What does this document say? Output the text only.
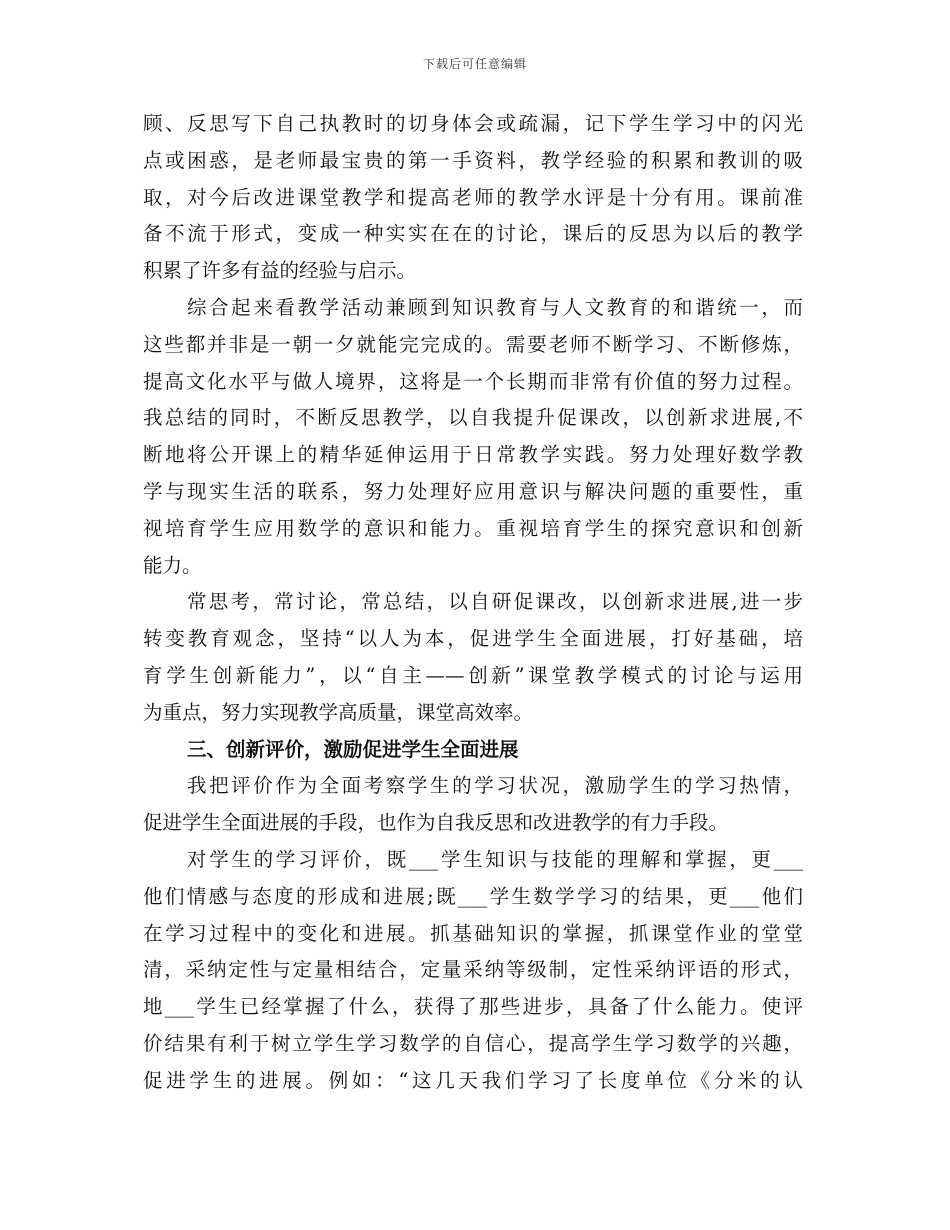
下载后可任意编辑
顾、反思写下自己执教时的切身体会或疏漏，记下学生学习中的闪光
点或困惑，是老师最宝贵的第一手资料，教学经验的积累和教训的吸
取，对今后改进课堂教学和提高老师的教学水评是十分有用。课前准
备不流于形式，变成一种实实在在的讨论，课后的反思为以后的教学
积累了许多有益的经验与启示。
综合起来看教学活动兼顾到知识教育与人文教育的和谐统一，而
这些都并非是一朝一夕就能完完成的。需要老师不断学习、不断修炼，
提高文化水平与做人境界，这将是一个长期而非常有价值的努力过程。
我总结的同时，不断反思教学，以自我提升促课改，以创新求进展,不
断地将公开课上的精华延伸运用于日常教学实践。努力处理好数学教
学与现实生活的联系，努力处理好应用意识与解决问题的重要性，重
视培育学生应用数学的意识和能力。重视培育学生的探究意识和创新
能力。
常思考，常讨论，常总结，以自研促课改，以创新求进展,进一步
转变教育观念，坚持“以人为本，促进学生全面进展，打好基础，培
育学生创新能力”，以“自主——创新”课堂教学模式的讨论与运用
为重点，努力实现教学高质量，课堂高效率。
三、创新评价，激励促进学生全面进展
我把评价作为全面考察学生的学习状况，激励学生的学习热情，
促进学生全面进展的手段，也作为自我反思和改进教学的有力手段。
对学生的学习评价，既___学生知识与技能的理解和掌握，更___
他们情感与态度的形成和进展;既___学生数学学习的结果，更___他们
在学习过程中的变化和进展。抓基础知识的掌握，抓课堂作业的堂堂
清，采纳定性与定量相结合，定量采纳等级制，定性采纳评语的形式，
地___学生已经掌握了什么，获得了那些进步，具备了什么能力。使评
价结果有利于树立学生学习数学的自信心，提高学生学习数学的兴趣，
促进学生的进展。例如：“这几天我们学习了长度单位《分米的认
